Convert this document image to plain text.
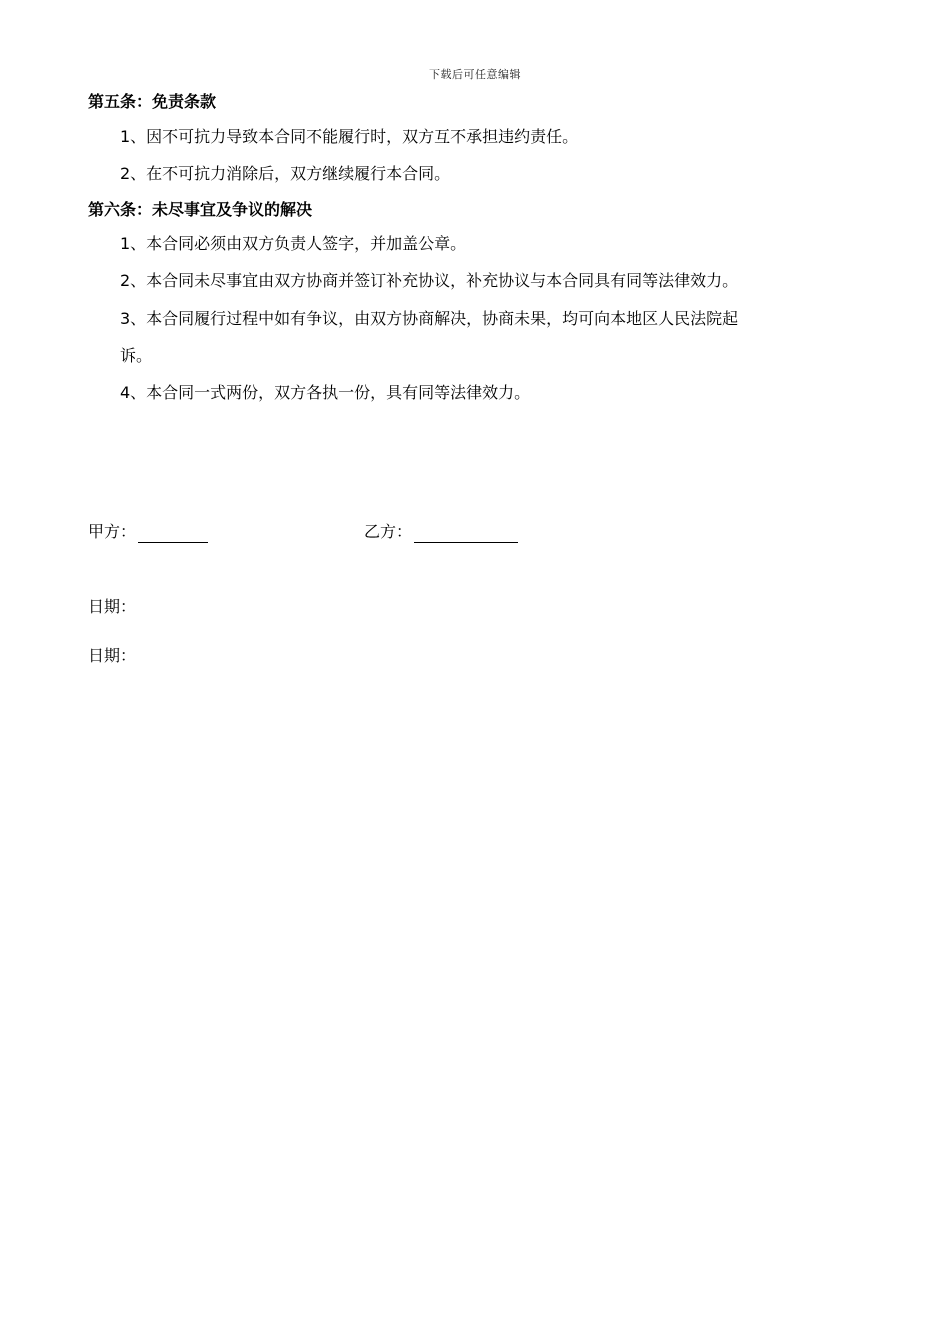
下载后可任意编辑
第五条：免责条款
1、因不可抗力导致本合同不能履行时，双方互不承担违约责任。
2、在不可抗力消除后，双方继续履行本合同。
第六条：未尽事宜及争议的解决
1、本合同必须由双方负责人签字，并加盖公章。
2、本合同未尽事宜由双方协商并签订补充协议，补充协议与本合同具有同等法律效力。
3、本合同履行过程中如有争议，由双方协商解决，协商未果，均可向本地区人民法院起
诉。
4、本合同一式两份，双方各执一份，具有同等法律效力。
甲方：	乙方：
日期：
日期：
